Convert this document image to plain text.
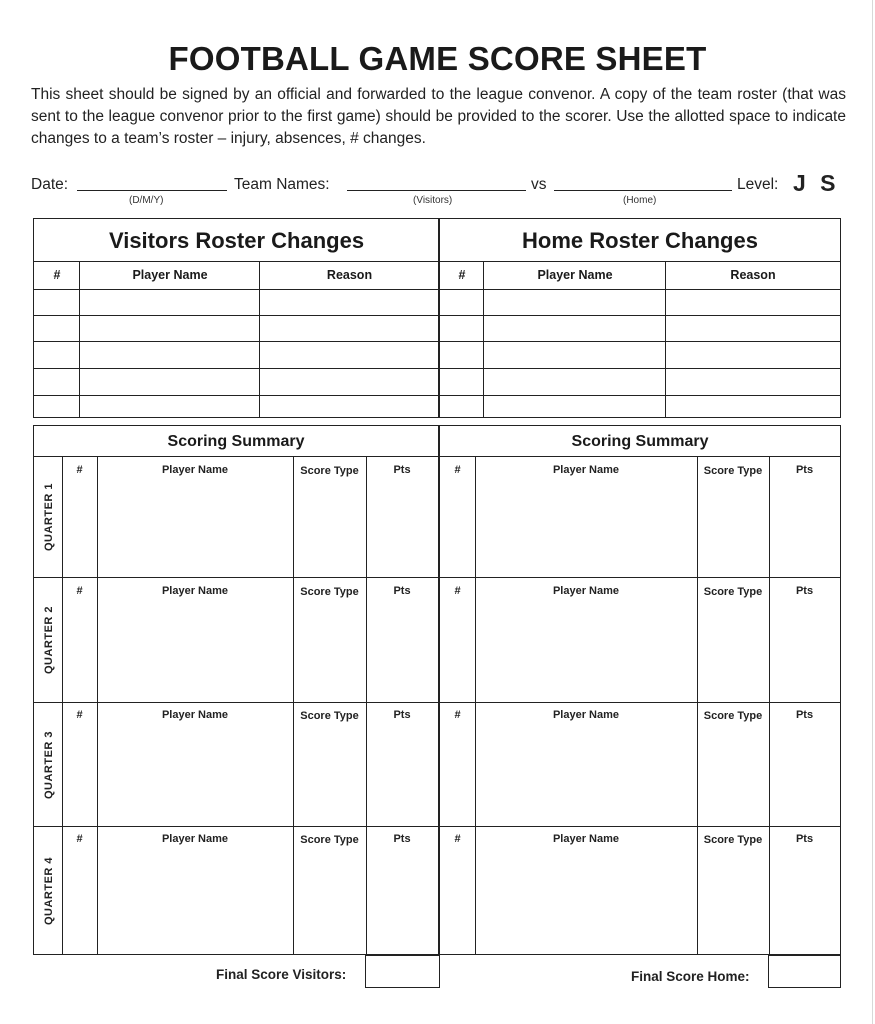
FOOTBALL GAME SCORE SHEET
This sheet should be signed by an official and forwarded to the league convenor. A copy of the team roster (that was sent to the league convenor prior to the first game) should be provided to the scorer. Use the allotted space to indicate changes to a team’s roster – injury, absences, # changes.
Date:
(D/M/Y)
Team Names:
(Visitors)
vs
(Home)
Level: J S
Visitors Roster Changes
#	Player Name	Reason
Home Roster Changes
#	Player Name	Reason
Scoring Summary	Scoring Summary
QUARTER 1
QUARTER 2
QUARTER 3
QUARTER 4
#	Player Name	Score Type	Pts	#	Player Name	Score Type	Pts
#	Player Name	Score Type	Pts	#	Player Name	Score Type	Pts
#	Player Name	Score Type	Pts	#	Player Name	Score Type	Pts
#	Player Name	Score Type	Pts	#	Player Name	Score Type	Pts
Final Score Visitors:	Final Score Home:
